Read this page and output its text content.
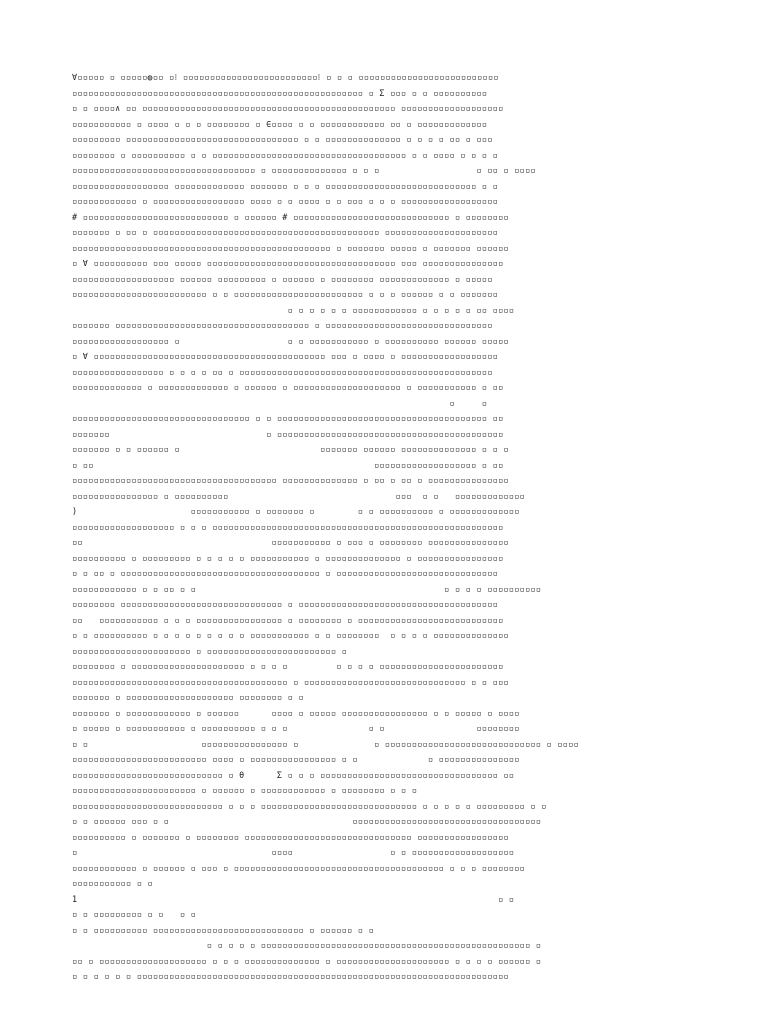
∀▫▫▫▫▫ ▫ ▫▫▫▫▫◍▫▫ ▫⁝ ▫▫▫▫▫▫▫▫▫▫▫▫▫▫▫▫▫▫▫▫▫▫▫▫▫⁝ ▫ ▫ ▫ ▫▫▫▫▫▫▫▫▫▫▫▫▫▫▫▫▫▫▫▫▫▫▫▫▫▫
▫▫▫▫▫▫▫▫▫▫▫▫▫▫▫▫▫▫▫▫▫▫▫▫▫▫▫▫▫▫▫▫▫▫▫▫▫▫▫▫▫▫▫▫▫▫▫▫▫▫▫▫▫▫ ▫ Σ ▫▫▫ ▫ ▫ ▫▫▫▫▫▫▫▫▫▫
▫ ▫ ▫▫▫▫∧ ▫▫ ▫▫▫▫▫▫▫▫▫▫▫▫▫▫▫▫▫▫▫▫▫▫▫▫▫▫▫▫▫▫▫▫▫▫▫▫▫▫▫▫▫▫▫▫▫▫▫ ▫▫▫▫▫▫▫▫▫▫▫▫▫▫▫▫▫▫▫
▫▫▫▫▫▫▫▫▫▫▫ ▫ ▫▫▫▫ ▫ ▫ ▫ ▫▫▫▫▫▫▫▫ ▫ ∈▫▫▫▫ ▫ ▫ ▫▫▫▫▫▫▫▫▫▫▫▫ ▫▫ ▫ ▫▫▫▫▫▫▫▫▫▫▫▫▫
▫▫▫▫▫▫▫▫▫ ▫▫▫▫▫▫▫▫▫▫▫▫▫▫▫▫▫▫▫▫▫▫▫▫▫▫▫▫▫▫▫▫ ▫ ▫ ▫▫▫▫▫▫▫▫▫▫▫▫▫▫ ▫ ▫ ▫ ▫ ▫▫ ▫ ▫▫▫
▫▫▫▫▫▫▫▫ ▫ ▫▫▫▫▫▫▫▫▫▫ ▫ ▫ ▫▫▫▫▫▫▫▫▫▫▫▫▫▫▫▫▫▫▫▫▫▫▫▫▫▫▫▫▫▫▫▫▫▫▫▫ ▫ ▫ ▫▫▫▫ ▫ ▫ ▫ ▫
▫▫▫▫▫▫▫▫▫▫▫▫▫▫▫▫▫▫▫▫▫▫▫▫▫▫▫▫▫▫▫▫▫▫ ▫ ▫▫▫▫▫▫▫▫▫▫▫▫▫▫ ▫ ▫ ▫                  ▫ ▫▫ ▫ ▫▫▫▫
▫▫▫▫▫▫▫▫▫▫▫▫▫▫▫▫▫▫ ▫▫▫▫▫▫▫▫▫▫▫▫▫ ▫▫▫▫▫▫▫ ▫ ▫ ▫ ▫▫▫▫▫▫▫▫▫▫▫▫▫▫▫▫▫▫▫▫▫▫▫▫▫▫▫▫ ▫ ▫
▫▫▫▫▫▫▫▫▫▫▫▫ ▫ ▫▫▫▫▫▫▫▫▫▫▫▫▫▫▫▫▫ ▫▫▫▫ ▫ ▫ ▫▫▫▫ ▫ ▫ ▫▫▫ ▫ ▫ ▫ ▫▫▫▫▫▫▫▫▫▫▫▫▫▫▫▫▫▫
# ▫▫▫▫▫▫▫▫▫▫▫▫▫▫▫▫▫▫▫▫▫▫▫▫▫▫▫ ▫ ▫▫▫▫▫▫ # ▫▫▫▫▫▫▫▫▫▫▫▫▫▫▫▫▫▫▫▫▫▫▫▫▫▫▫▫▫ ▫ ▫▫▫▫▫▫▫▫
▫▫▫▫▫▫▫ ▫ ▫▫ ▫ ▫▫▫▫▫▫▫▫▫▫▫▫▫▫▫▫▫▫▫▫▫▫▫▫▫▫▫▫▫▫▫▫▫▫▫▫▫▫▫▫▫▫ ▫▫▫▫▫▫▫▫▫▫▫▫▫▫▫▫▫▫▫▫▫
▫▫▫▫▫▫▫▫▫▫▫▫▫▫▫▫▫▫▫▫▫▫▫▫▫▫▫▫▫▫▫▫▫▫▫▫▫▫▫▫▫▫▫▫▫▫▫▫ ▫ ▫▫▫▫▫▫▫ ▫▫▫▫▫ ▫ ▫▫▫▫▫▫▫ ▫▫▫▫▫▫
▫ ∀ ▫▫▫▫▫▫▫▫▫▫ ▫▫▫ ▫▫▫▫▫ ▫▫▫▫▫▫▫▫▫▫▫▫▫▫▫▫▫▫▫▫▫▫▫▫▫▫▫▫▫▫▫▫▫▫▫ ▫▫▫ ▫▫▫▫▫▫▫▫▫▫▫▫▫▫▫
▫▫▫▫▫▫▫▫▫▫▫▫▫▫▫▫▫▫▫ ▫▫▫▫▫▫ ▫▫▫▫▫▫▫▫▫ ▫ ▫▫▫▫▫▫ ▫ ▫▫▫▫▫▫▫▫ ▫▫▫▫▫▫▫▫▫▫▫▫▫ ▫ ▫▫▫▫▫
▫▫▫▫▫▫▫▫▫▫▫▫▫▫▫▫▫▫▫▫▫▫▫▫▫ ▫ ▫ ▫▫▫▫▫▫▫▫▫▫▫▫▫▫▫▫▫▫▫▫▫▫▫▫ ▫ ▫ ▫ ▫▫▫▫▫▫ ▫ ▫ ▫▫▫▫▫▫▫
▫ ▫ ▫ ▫ ▫ ▫ ▫▫▫▫▫▫▫▫▫▫▫▫ ▫ ▫ ▫ ▫ ▫ ▫▫ ▫▫▫▫
▫▫▫▫▫▫▫ ▫▫▫▫▫▫▫▫▫▫▫▫▫▫▫▫▫▫▫▫▫▫▫▫▫▫▫▫▫▫▫▫▫▫▫▫ ▫ ▫▫▫▫▫▫▫▫▫▫▫▫▫▫▫▫▫▫▫▫▫▫▫▫▫▫▫▫▫▫▫
▫▫▫▫▫▫▫▫▫▫▫▫▫▫▫▫▫▫ ▫                    ▫ ▫ ▫▫▫▫▫▫▫▫▫▫▫ ▫ ▫▫▫▫▫▫▫▫▫▫ ▫▫▫▫▫▫ ▫▫▫▫▫
▫ ∀ ▫▫▫▫▫▫▫▫▫▫▫▫▫▫▫▫▫▫▫▫▫▫▫▫▫▫▫▫▫▫▫▫▫▫▫▫▫▫▫▫▫▫▫ ▫▫▫ ▫ ▫▫▫▫ ▫ ▫▫▫▫▫▫▫▫▫▫▫▫▫▫▫▫▫▫
▫▫▫▫▫▫▫▫▫▫▫▫▫▫▫▫▫ ▫ ▫ ▫ ▫ ▫▫ ▫ ▫▫▫▫▫▫▫▫▫▫▫▫▫▫▫▫▫▫▫▫▫▫▫▫▫▫▫▫▫▫▫▫▫▫▫▫▫▫▫▫▫▫▫▫▫▫▫
▫▫▫▫▫▫▫▫▫▫▫▫▫ ▫ ▫▫▫▫▫▫▫▫▫▫▫▫▫ ▫ ▫▫▫▫▫▫ ▫ ▫▫▫▫▫▫▫▫▫▫▫▫▫▫▫▫▫▫▫▫ ▫ ▫▫▫▫▫▫▫▫▫▫▫ ▫ ▫▫
▫     ▫
▫▫▫▫▫▫▫▫▫▫▫▫▫▫▫▫▫▫▫▫▫▫▫▫▫▫▫▫▫▫▫▫▫ ▫ ▫ ▫▫▫▫▫▫▫▫▫▫▫▫▫▫▫▫▫▫▫▫▫▫▫▫▫▫▫▫▫▫▫▫▫▫▫▫▫▫▫ ▫▫
▫▫▫▫▫▫▫                             ▫ ▫▫▫▫▫▫▫▫▫▫▫▫▫▫▫▫▫▫▫▫▫▫▫▫▫▫▫▫▫▫▫▫▫▫▫▫▫▫▫▫▫▫
▫▫▫▫▫▫▫ ▫ ▫ ▫▫▫▫▫▫ ▫                          ▫▫▫▫▫▫▫ ▫▫▫▫▫▫ ▫▫▫▫▫▫▫▫▫▫▫▫▫▫ ▫ ▫ ▫
▫ ▫▫                                                    ▫▫▫▫▫▫▫▫▫▫▫▫▫▫▫▫▫▫▫ ▫ ▫▫
▫▫▫▫▫▫▫▫▫▫▫▫▫▫▫▫▫▫▫▫▫▫▫▫▫▫▫▫▫▫▫▫▫▫▫▫▫▫ ▫▫▫▫▫▫▫▫▫▫▫▫▫▫ ▫ ▫▫ ▫ ▫▫ ▫ ▫▫▫▫▫▫▫▫▫▫▫▫▫▫▫
▫▫▫▫▫▫▫▫▫▫▫▫▫▫▫▫ ▫ ▫▫▫▫▫▫▫▫▫▫                               ▫▫▫  ▫ ▫   ▫▫▫▫▫▫▫▫▫▫▫▫▫
)                     ▫▫▫▫▫▫▫▫▫▫▫ ▫ ▫▫▫▫▫▫▫ ▫        ▫ ▫ ▫▫▫▫▫▫▫▫▫▫ ▫ ▫▫▫▫▫▫▫▫▫▫▫▫▫
▫▫▫▫▫▫▫▫▫▫▫▫▫▫▫▫▫▫▫ ▫ ▫ ▫ ▫▫▫▫▫▫▫▫▫▫▫▫▫▫▫▫▫▫▫▫▫▫▫▫▫▫▫▫▫▫▫▫▫▫▫▫▫▫▫▫▫▫▫▫▫▫▫▫▫▫▫▫▫▫
▫▫                                   ▫▫▫▫▫▫▫▫▫▫▫ ▫ ▫▫▫ ▫ ▫▫▫▫▫▫▫▫ ▫▫▫▫▫▫▫▫▫▫▫▫▫▫▫
▫▫▫▫▫▫▫▫▫▫ ▫ ▫▫▫▫▫▫▫▫▫ ▫ ▫ ▫ ▫ ▫ ▫▫▫▫▫▫▫▫▫▫▫ ▫ ▫▫▫▫▫▫▫▫▫▫▫▫▫▫ ▫ ▫▫▫▫▫▫▫▫▫▫▫▫▫▫▫▫
▫ ▫ ▫▫ ▫ ▫▫▫▫▫▫▫▫▫▫▫▫▫▫▫▫▫▫▫▫▫▫▫▫▫▫▫▫▫▫▫▫▫▫▫▫▫ ▫ ▫▫▫▫▫▫▫▫▫▫▫▫▫▫▫▫▫▫▫▫▫▫▫▫▫▫▫▫▫▫
▫▫▫▫▫▫▫▫▫▫▫▫ ▫ ▫ ▫▫ ▫ ▫                                              ▫ ▫ ▫ ▫ ▫▫▫▫▫▫▫▫▫▫
▫▫▫▫▫▫▫▫ ▫▫▫▫▫▫▫▫▫▫▫▫▫▫▫▫▫▫▫▫▫▫▫▫▫▫▫▫▫▫ ▫ ▫▫▫▫▫▫▫▫▫▫▫▫▫▫▫▫▫▫▫▫▫▫▫▫▫▫▫▫▫▫▫▫▫▫▫▫▫
▫▫   ▫▫▫▫▫▫▫▫▫▫▫ ▫ ▫ ▫ ▫▫▫▫▫▫▫▫▫▫▫▫▫▫▫▫ ▫ ▫▫▫▫▫▫▫▫ ▫ ▫▫▫▫▫▫▫▫▫▫▫▫▫▫▫▫▫▫▫▫▫▫▫▫▫▫▫
▫ ▫ ▫▫▫▫▫▫▫▫▫▫ ▫ ▫ ▫ ▫ ▫ ▫ ▫ ▫ ▫ ▫▫▫▫▫▫▫▫▫▫▫ ▫ ▫ ▫▫▫▫▫▫▫▫  ▫ ▫ ▫ ▫ ▫▫▫▫▫▫▫▫▫▫▫▫▫▫
▫▫▫▫▫▫▫▫▫▫▫▫▫▫▫▫▫▫▫▫▫▫ ▫ ▫▫▫▫▫▫▫▫▫▫▫▫▫▫▫▫▫▫▫▫▫▫▫▫ ▫
▫▫▫▫▫▫▫▫ ▫ ▫▫▫▫▫▫▫▫▫▫▫▫▫▫▫▫▫▫▫▫▫ ▫ ▫ ▫ ▫         ▫ ▫ ▫ ▫ ▫▫▫▫▫▫▫▫▫▫▫▫▫▫▫▫▫▫▫▫▫▫▫
▫▫▫▫▫▫▫▫▫▫▫▫▫▫▫▫▫▫▫▫▫▫▫▫▫▫▫▫▫▫▫▫▫▫▫▫▫▫▫▫ ▫ ▫▫▫▫▫▫▫▫▫▫▫▫▫▫▫▫▫▫▫▫▫▫▫▫▫▫▫▫▫▫ ▫ ▫ ▫▫▫
▫▫▫▫▫▫▫ ▫ ▫▫▫▫▫▫▫▫▫▫▫▫▫▫▫▫▫▫▫▫ ▫▫▫▫▫▫▫▫ ▫ ▫
▫▫▫▫▫▫▫ ▫ ▫▫▫▫▫▫▫▫▫▫▫▫ ▫ ▫▫▫▫▫▫      ▫▫▫▫ ▫ ▫▫▫▫▫ ▫▫▫▫▫▫▫▫▫▫▫▫▫▫▫▫ ▫ ▫ ▫▫▫▫▫ ▫ ▫▫▫▫
▫ ▫▫▫▫▫ ▫ ▫▫▫▫▫▫▫▫▫▫▫ ▫ ▫▫▫▫▫▫▫▫▫▫ ▫ ▫ ▫               ▫ ▫                 ▫▫▫▫▫▫▫▫
▫ ▫                     ▫▫▫▫▫▫▫▫▫▫▫▫▫▫▫▫ ▫              ▫ ▫▫▫▫▫▫▫▫▫▫▫▫▫▫▫▫▫▫▫▫▫▫▫▫▫▫▫▫▫ ▫ ▫▫▫▫
▫▫▫▫▫▫▫▫▫▫▫▫▫▫▫▫▫▫▫▫▫▫▫▫▫ ▫▫▫▫ ▫ ▫▫▫▫▫▫▫▫▫▫▫▫▫▫▫▫ ▫ ▫             ▫ ▫▫▫▫▫▫▫▫▫▫▫▫▫▫▫
▫▫▫▫▫▫▫▫▫▫▫▫▫▫▫▫▫▫▫▫▫▫▫▫▫▫▫▫ ▫ θ      Σ ▫ ▫ ▫ ▫▫▫▫▫▫▫▫▫▫▫▫▫▫▫▫▫▫▫▫▫▫▫▫▫▫▫▫▫▫▫▫▫ ▫▫
▫▫▫▫▫▫▫▫▫▫▫▫▫▫▫▫▫▫▫▫▫▫▫ ▫ ▫▫▫▫▫▫ ▫ ▫▫▫▫▫▫▫▫▫▫▫▫ ▫ ▫▫▫▫▫▫▫▫ ▫ ▫ ▫
▫▫▫▫▫▫▫▫▫▫▫▫▫▫▫▫▫▫▫▫▫▫▫▫▫▫▫▫ ▫ ▫ ▫ ▫▫▫▫▫▫▫▫▫▫▫▫▫▫▫▫▫▫▫▫▫▫▫▫▫▫▫▫▫ ▫ ▫ ▫ ▫ ▫ ▫▫▫▫▫▫▫▫▫ ▫ ▫
▫ ▫ ▫▫▫▫▫▫ ▫▫▫ ▫ ▫                                  ▫▫▫▫▫▫▫▫▫▫▫▫▫▫▫▫▫▫▫▫▫▫▫▫▫▫▫▫▫▫▫▫▫▫▫
▫▫▫▫▫▫▫▫▫▫ ▫ ▫▫▫▫▫▫▫ ▫ ▫▫▫▫▫▫▫▫ ▫▫▫▫▫▫▫▫▫▫▫▫▫▫▫▫▫▫▫▫▫▫▫▫▫▫▫▫▫▫▫ ▫▫▫▫▫▫▫▫▫▫▫▫▫▫▫▫▫
▫                                    ▫▫▫▫                  ▫ ▫ ▫▫▫▫▫▫▫▫▫▫▫▫▫▫▫▫▫▫▫
▫▫▫▫▫▫▫▫▫▫▫▫ ▫ ▫▫▫▫▫▫ ▫ ▫▫▫ ▫ ▫▫▫▫▫▫▫▫▫▫▫▫▫▫▫▫▫▫▫▫▫▫▫▫▫▫▫▫▫▫▫▫▫▫▫▫▫▫▫ ▫ ▫ ▫ ▫▫▫▫▫▫▫▫
▫▫▫▫▫▫▫▫▫▫▫ ▫ ▫
1                                                                              ▫ ▫
▫ ▫ ▫▫▫▫▫▫▫▫▫ ▫ ▫   ▫ ▫
▫ ▫ ▫▫▫▫▫▫▫▫▫▫ ▫▫▫▫▫▫▫▫▫▫▫▫▫▫▫▫▫▫▫▫▫▫▫▫▫▫▫▫ ▫ ▫▫▫▫▫▫ ▫ ▫
▫ ▫ ▫ ▫ ▫ ▫▫▫▫▫▫▫▫▫▫▫▫▫▫▫▫▫▫▫▫▫▫▫▫▫▫▫▫▫▫▫▫▫▫▫▫▫▫▫▫▫▫▫▫▫▫▫▫▫▫ ▫
▫▫ ▫ ▫▫▫▫▫▫▫▫▫▫▫▫▫▫▫▫▫▫▫▫ ▫ ▫ ▫ ▫▫▫▫▫▫▫▫▫▫▫▫▫▫ ▫ ▫▫▫▫▫▫▫▫▫▫▫▫▫▫▫▫▫▫▫▫▫ ▫ ▫ ▫ ▫ ▫▫▫▫▫▫ ▫
▫ ▫ ▫ ▫ ▫ ▫ ▫▫▫▫▫▫▫▫▫▫▫▫▫▫▫▫▫▫▫▫▫▫▫▫▫▫▫▫▫▫▫▫▫▫▫▫▫▫▫▫▫▫▫▫▫▫▫▫▫▫▫▫▫▫▫▫▫▫▫▫▫▫▫▫▫▫▫▫▫
